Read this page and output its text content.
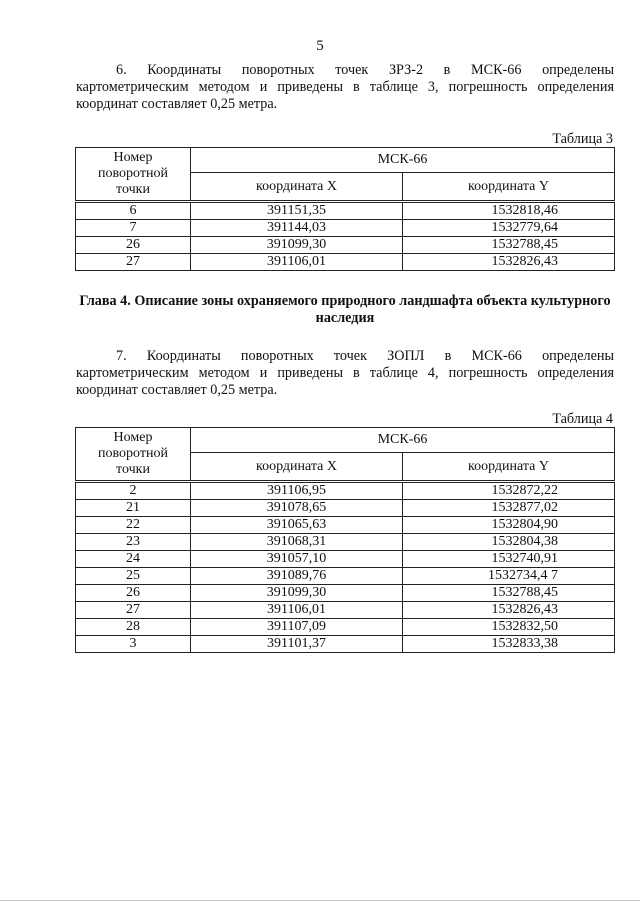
5
6. Координаты поворотных точек ЗРЗ-2 в МСК-66 определены
картометрическим методом и приведены в таблице 3, погрешность определения координат составляет 0,25 метра.
Таблица 3
Номер поворотной точки	МСК-66	
	координата X	координата Y
6	391151,35	1532818,46
7	391144,03	1532779,64
26	391099,30	1532788,45
27	391106,01	1532826,43
Глава 4. Описание зоны охраняемого природного ландшафта объекта культурного наследия
7. Координаты поворотных точек ЗОПЛ в МСК-66 определены
картометрическим методом и приведены в таблице 4, погрешность определения координат составляет 0,25 метра.
Таблица 4
Номер поворотной точки	МСК-66	
	координата X	координата Y
2	391106,95	1532872,22
21	391078,65	1532877,02
22	391065,63	1532804,90
23	391068,31	1532804,38
24	391057,10	1532740,91
25	391089,76	1532734,4 7
26	391099,30	1532788,45
27	391106,01	1532826,43
28	391107,09	1532832,50
3	391101,37	1532833,38
